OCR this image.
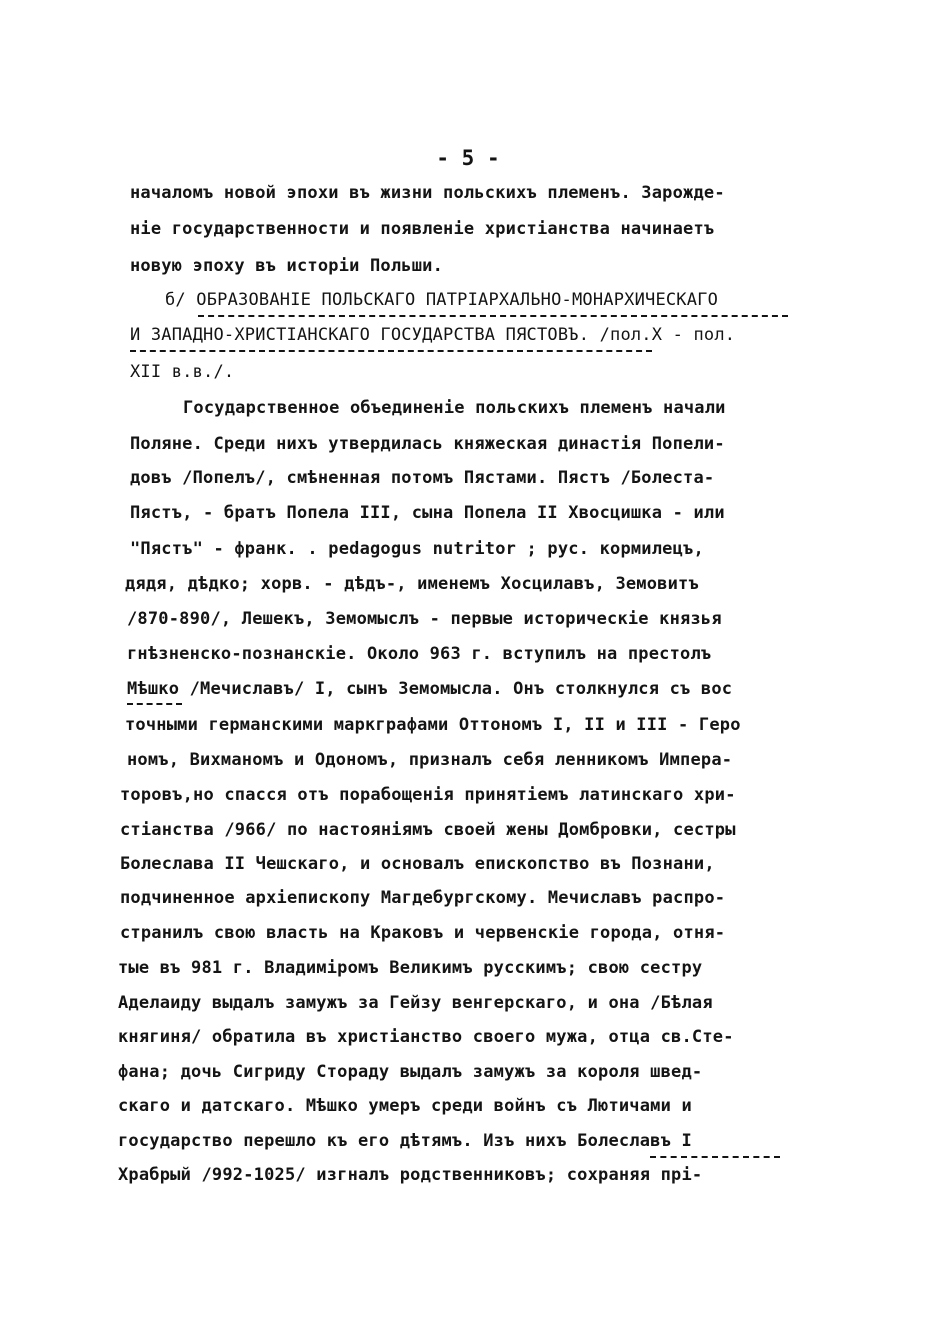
- 5 -
началомъ новой эпохи въ жизни польскихъ племенъ. Зарожде-
ніе государственности и появленіе христіанства начинаетъ
новую эпоху въ исторіи Польши.
б/ ОБРАЗОВАНІЕ ПОЛЬСКАГО ПАТРІАРХАЛЬНО-МОНАРХИЧЕСКАГО
И ЗАПАДНО-ХРИСТІАНСКАГО ГОСУДАРСТВА ПЯСТОВЪ. /пол.Х - пол.
XII в.в./.
Государственное объединеніе польскихъ племенъ начали
Поляне. Среди нихъ утвердилась княжеская династія Попели-
довъ /Попелъ/, смѣненная потомъ Пястами. Пястъ /Болеста-
Пястъ, - братъ Попела III, сына Попела II Хвосцишка - или
"Пястъ" - франк. . pedagogus nutritor ; рус. кормилецъ,
дядя, дѣдко; хорв. - дѣдъ-, именемъ Хосцилавъ, Земовитъ
/870-890/, Лешекъ, Земомыслъ - первые историческіе князья
гнѣзненско-познанскіе. Около 963 г. вступилъ на престолъ
Мѣшко /Мечиславъ/ I, сынъ Земомысла. Онъ столкнулся съ вос
точными германскими маркграфами Оттономъ I, II и III - Геро
номъ, Вихманомъ и Одономъ, призналъ себя ленникомъ Импера-
торовъ,но спасся отъ порабощенія принятіемъ латинскаго хри-
стіанства /966/ по настояніямъ своей жены Домбровки, сестры
Болеслава II Чешскаго, и основалъ епископство въ Познани,
подчиненное архіепископу Магдебургскому. Мечиславъ распро-
странилъ свою власть на Краковъ и червенскіе города, отня-
тые въ 981 г. Владиміромъ Великимъ русскимъ; свою сестру
Аделаиду выдалъ замужъ за Гейзу венгерскаго, и она /Бѣлая
княгиня/ обратила въ христіанство своего мужа, отца св.Сте-
фана; дочь Сигриду Стораду выдалъ замужъ за короля швед-
скаго и датскаго. Мѣшко умеръ среди войнъ съ Лютичами и
государство перешло къ его дѣтямъ. Изъ нихъ Болеславъ I
Храбрый /992-1025/ изгналъ родственниковъ; сохраняя прі-
